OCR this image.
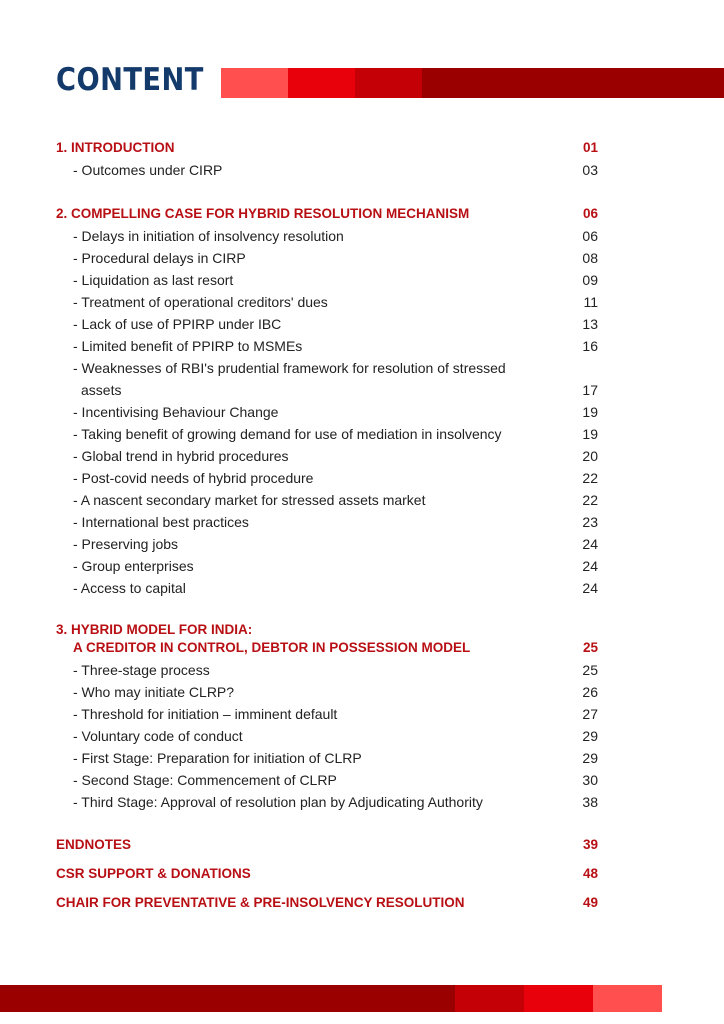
CONTENT
1. INTRODUCTION	01
- Outcomes under CIRP	03
2. COMPELLING CASE FOR HYBRID RESOLUTION MECHANISM	06
- Delays in initiation of insolvency resolution	06
- Procedural delays in CIRP	08
- Liquidation as last resort	09
- Treatment of operational creditors' dues	11
- Lack of use of PPIRP under IBC	13
- Limited benefit of PPIRP to MSMEs	16
- Weaknesses of RBI's prudential framework for resolution of stressed
assets	17
- Incentivising Behaviour Change	19
- Taking benefit of growing demand for use of mediation in insolvency	19
- Global trend in hybrid procedures	20
- Post-covid needs of hybrid procedure	22
- A nascent secondary market for stressed assets market	22
- International best practices	23
- Preserving jobs	24
- Group enterprises	24
- Access to capital	24
3. HYBRID MODEL FOR INDIA:
A CREDITOR IN CONTROL, DEBTOR IN POSSESSION MODEL	25
- Three-stage process	25
- Who may initiate CLRP?	26
- Threshold for initiation – imminent default	27
- Voluntary code of conduct	29
- First Stage: Preparation for initiation of CLRP	29
- Second Stage: Commencement of CLRP	30
- Third Stage: Approval of resolution plan by Adjudicating Authority	38
ENDNOTES	39
CSR SUPPORT & DONATIONS	48
CHAIR FOR PREVENTATIVE & PRE-INSOLVENCY RESOLUTION	49
